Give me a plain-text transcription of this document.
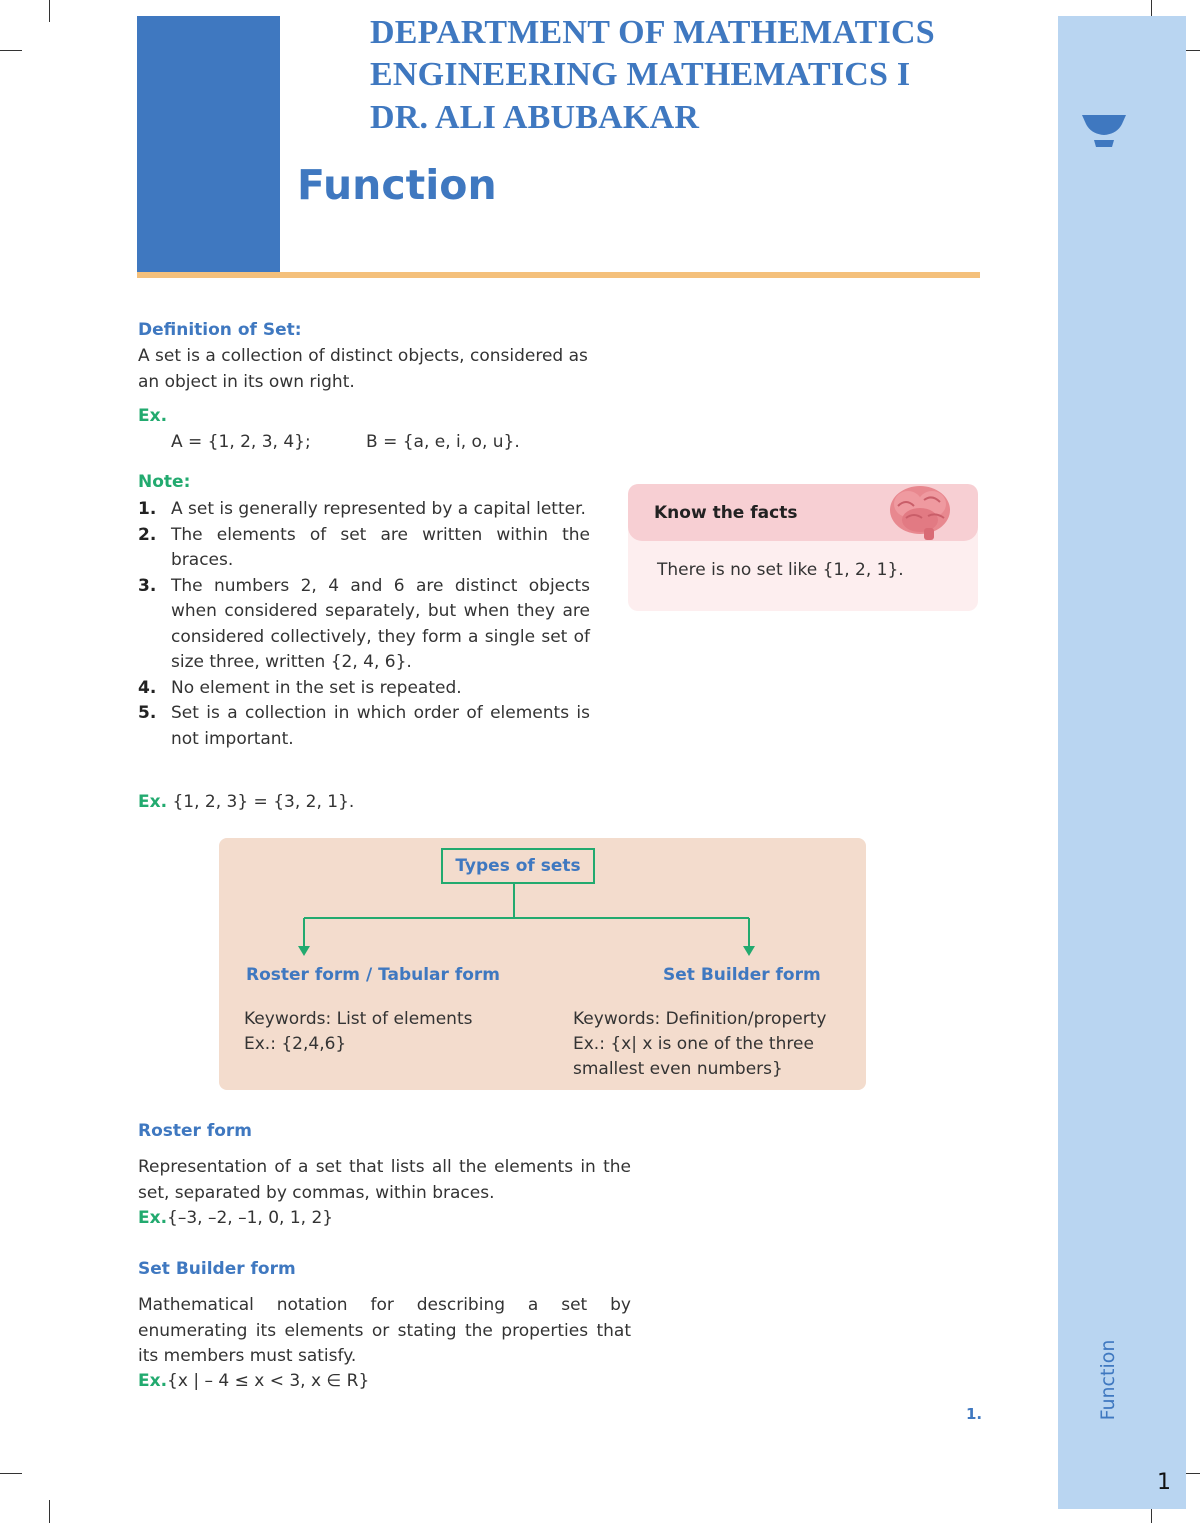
DEPARTMENT OF MATHEMATICS
ENGINEERING MATHEMATICS I
DR. ALI ABUBAKAR
Function
Function
1
Definition of Set:
A set is a collection of distinct objects, considered as an object in its own right.
Ex.
A = {1, 2, 3, 4};	B = {a, e, i, o, u}.
Note:
1. A set is generally represented by a capital letter.
2. The elements of set are written within the braces.
3. The numbers 2, 4 and 6 are distinct objects when considered separately, but when they are considered collectively, they form a single set of size three, written {2, 4, 6}.
4. No element in the set is repeated.
5. Set is a collection in which order of elements is not important.
Ex. {1, 2, 3} = {3, 2, 1}.
Know the facts
There is no set like {1, 2, 1}.
Types of sets
Roster form / Tabular form	Set Builder form
Keywords: List of elements
Ex.: {2,4,6}
Keywords: Definition/property
Ex.: {x| x is one of the three
smallest even numbers}
Roster form
Representation of a set that lists all the elements in the set, separated by commas, within braces.
Ex.{–3, –2, –1, 0, 1, 2}
Set Builder form
Mathematical notation for describing a set by enumerating its elements or stating the properties that its members must satisfy.
Ex.{x | – 4 ≤ x < 3, x ∈ R}
1.
